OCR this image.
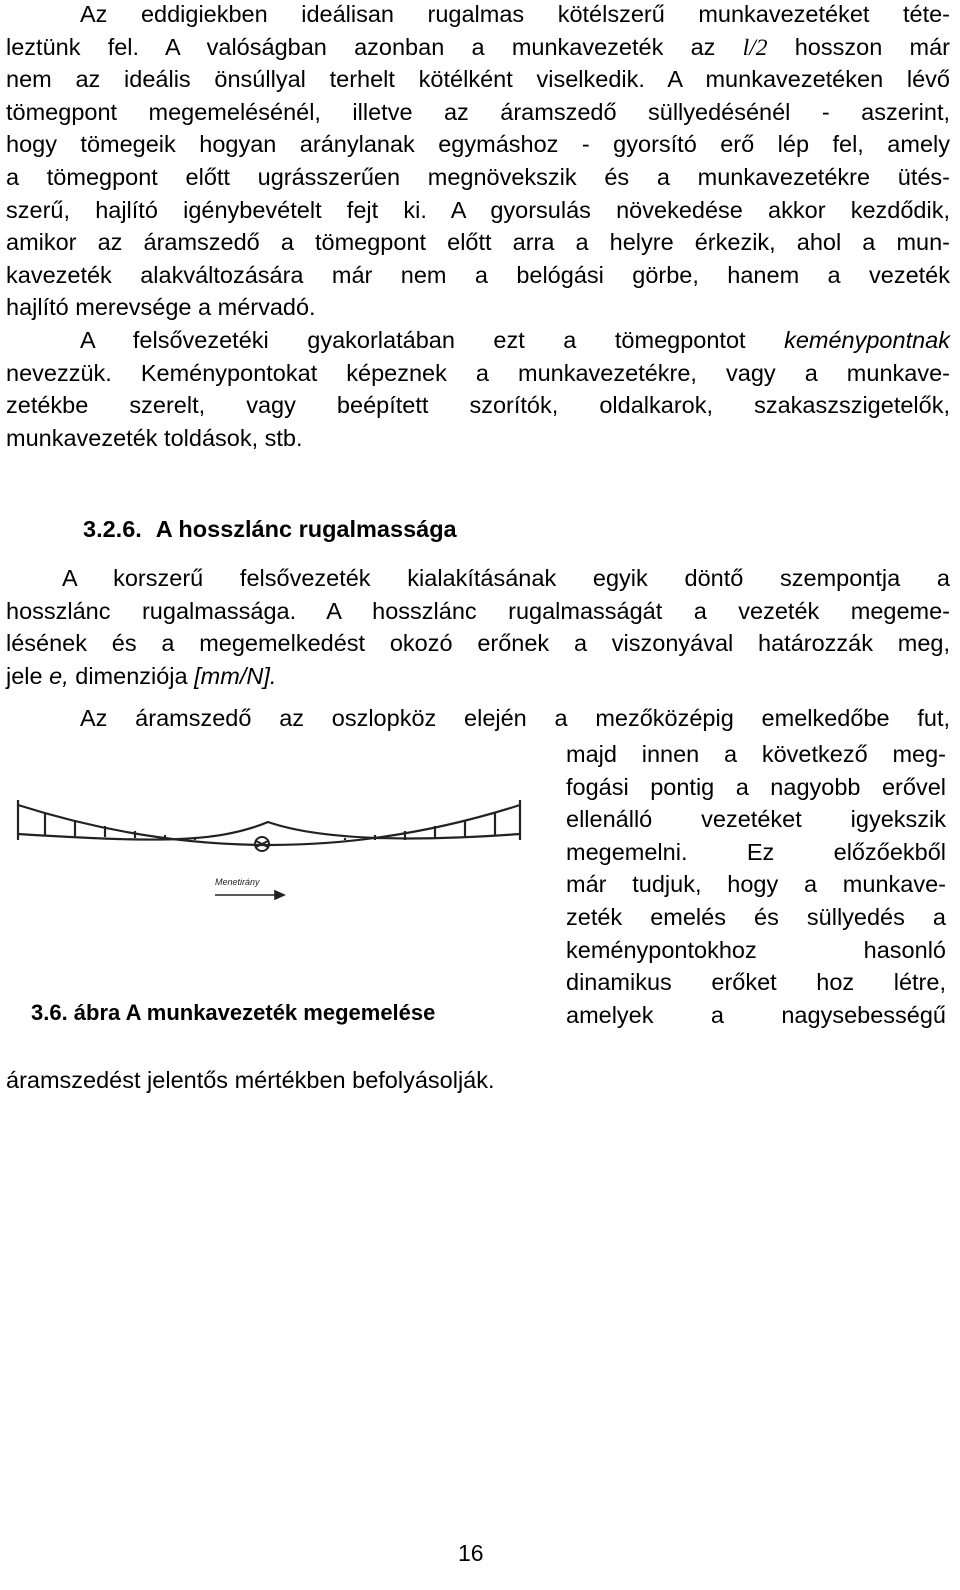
Az eddigiekben ideálisan rugalmas kötélszerű munkavezetéket téte-
leztünk fel. A valóságban azonban a munkavezeték az l/2 hosszon már
nem az ideális önsúllyal terhelt kötélként viselkedik. A munkavezetéken lévő
tömegpont megemelésénél, illetve az áramszedő süllyedésénél - aszerint,
hogy tömegeik hogyan aránylanak egymáshoz - gyorsító erő lép fel, amely
a tömegpont előtt ugrásszerűen megnövekszik és a munkavezetékre ütés-
szerű, hajlító igénybevételt fejt ki. A gyorsulás növekedése akkor kezdődik,
amikor az áramszedő a tömegpont előtt arra a helyre érkezik, ahol a mun-
kavezeték alakváltozására már nem a belógási görbe, hanem a vezeték
hajlító merevsége a mérvadó.
A felsővezetéki gyakorlatában ezt a tömegpontot keménypontnak
nevezzük. Keménypontokat képeznek a munkavezetékre, vagy a munkave-
zetékbe szerelt, vagy beépített szorítók, oldalkarok, szakaszszigetelők,
munkavezeték toldások, stb.
3.2.6. A hosszlánc rugalmassága
A korszerű felsővezeték kialakításának egyik döntő szempontja a
hosszlánc rugalmassága. A hosszlánc rugalmasságát a vezeték megeme-
lésének és a megemelkedést okozó erőnek a viszonyával határozzák meg,
jele e, dimenziója [mm/N].
Az áramszedő az oszlopköz elején a mezőközépig emelkedőbe fut,
majd innen a következő meg-
fogási pontig a nagyobb erővel
ellenálló vezetéket igyekszik
megemelni. Ez előzőekből
már tudjuk, hogy a munkave-
zeték emelés és süllyedés a
keménypontokhoz hasonló
dinamikus erőket hoz létre,
amelyek a nagysebességű
Menetirány
3.6. ábra A munkavezeték megemelése
áramszedést jelentős mértékben befolyásolják.
16
